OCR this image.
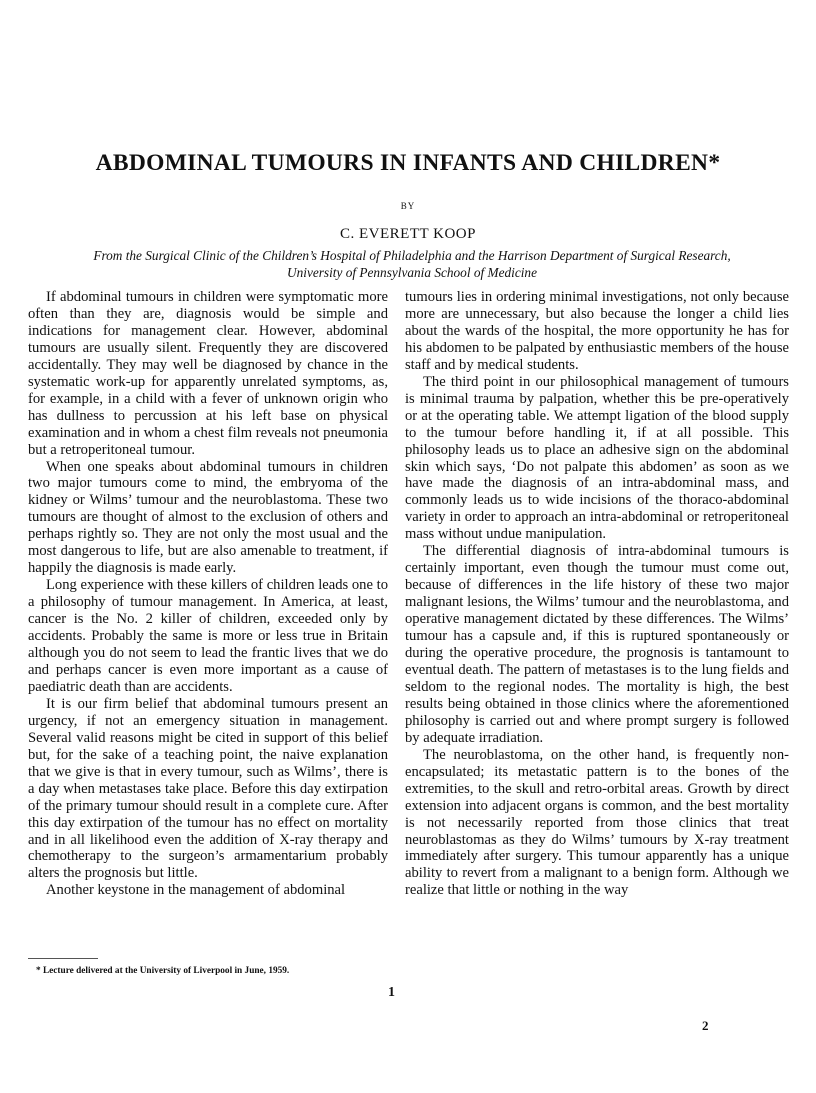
ABDOMINAL TUMOURS IN INFANTS AND CHILDREN*
BY
C. EVERETT KOOP
From the Surgical Clinic of the Children’s Hospital of Philadelphia and the Harrison Department of Surgical Research,
University of Pennsylvania School of Medicine

If abdominal tumours in children were symptomatic more often than they are, diagnosis would be simple and indications for management clear. However, abdominal tumours are usually silent. Frequently they are discovered accidentally. They may well be diagnosed by chance in the systematic work-up for apparently unrelated symptoms, as, for example, in a child with a fever of unknown origin who has dullness to percussion at his left base on physical examination and in whom a chest film reveals not pneumonia but a retroperitoneal tumour.

When one speaks about abdominal tumours in children two major tumours come to mind, the embryoma of the kidney or Wilms’ tumour and the neuroblastoma. These two tumours are thought of almost to the exclusion of others and perhaps rightly so. They are not only the most usual and the most dangerous to life, but are also amenable to treatment, if happily the diagnosis is made early.

Long experience with these killers of children leads one to a philosophy of tumour management. In America, at least, cancer is the No. 2 killer of children, exceeded only by accidents. Probably the same is more or less true in Britain although you do not seem to lead the frantic lives that we do and perhaps cancer is even more important as a cause of paediatric death than are accidents.

It is our firm belief that abdominal tumours present an urgency, if not an emergency situation in management. Several valid reasons might be cited in support of this belief but, for the sake of a teaching point, the naive explanation that we give is that in every tumour, such as Wilms’, there is a day when metastases take place. Before this day extirpation of the primary tumour should result in a complete cure. After this day extirpation of the tumour has no effect on mortality and in all likelihood even the addition of X-ray therapy and chemotherapy to the surgeon’s armamentarium probably alters the prognosis but little.

Another keystone in the management of abdominal

tumours lies in ordering minimal investigations, not only because more are unnecessary, but also because the longer a child lies about the wards of the hospital, the more opportunity he has for his abdomen to be palpated by enthusiastic members of the house staff and by medical students.

The third point in our philosophical management of tumours is minimal trauma by palpation, whether this be pre-operatively or at the operating table. We attempt ligation of the blood supply to the tumour before handling it, if at all possible. This philosophy leads us to place an adhesive sign on the abdominal skin which says, ‘Do not palpate this abdomen’ as soon as we have made the diagnosis of an intra-abdominal mass, and commonly leads us to wide incisions of the thoraco-abdominal variety in order to approach an intra-abdominal or retroperitoneal mass without undue manipulation.

The differential diagnosis of intra-abdominal tumours is certainly important, even though the tumour must come out, because of differences in the life history of these two major malignant lesions, the Wilms’ tumour and the neuroblastoma, and operative management dictated by these differences. The Wilms’ tumour has a capsule and, if this is ruptured spontaneously or during the operative procedure, the prognosis is tantamount to eventual death. The pattern of metastases is to the lung fields and seldom to the regional nodes. The mortality is high, the best results being obtained in those clinics where the aforementioned philosophy is carried out and where prompt surgery is followed by adequate irradiation.

The neuroblastoma, on the other hand, is frequently non-encapsulated; its metastatic pattern is to the bones of the extremities, to the skull and retro-orbital areas. Growth by direct extension into adjacent organs is common, and the best mortality is not necessarily reported from those clinics that treat neuroblastomas as they do Wilms’ tumours by X-ray treatment immediately after surgery. This tumour apparently has a unique ability to revert from a malignant to a benign form. Although we realize that little or nothing in the way

* Lecture delivered at the University of Liverpool in June, 1959.
1
2
